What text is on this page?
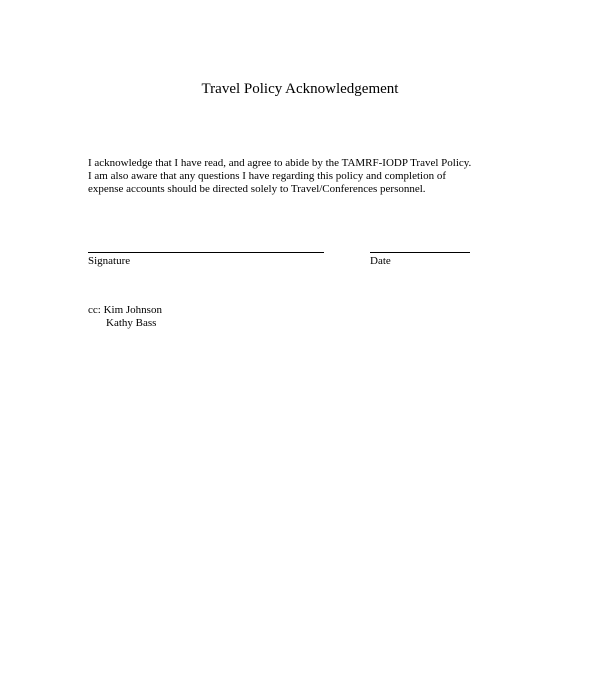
Travel Policy Acknowledgement
I acknowledge that I have read, and agree to abide by the TAMRF-IODP Travel Policy.
I am also aware that any questions I have regarding this policy and completion of
expense accounts should be directed solely to Travel/Conferences personnel.
Signature	Date
cc: Kim Johnson
Kathy Bass
